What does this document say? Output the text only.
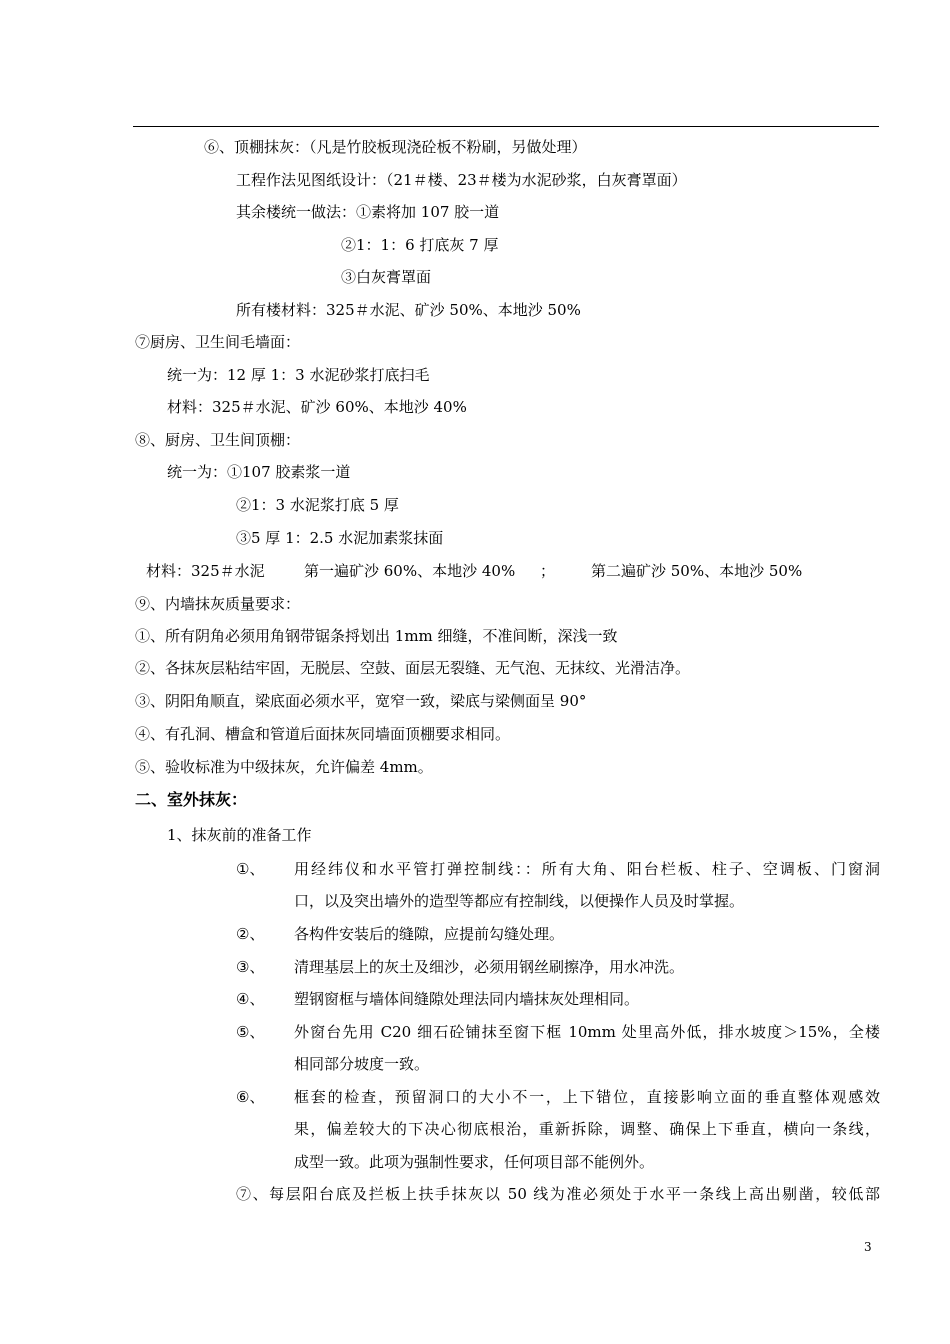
⑥、顶棚抹灰：（凡是竹胶板现浇砼板不粉刷，另做处理）
工程作法见图纸设计：（21＃楼、23＃楼为水泥砂浆，白灰膏罩面）
其余楼统一做法：①素将加 107 胶一道
②1：1：6 打底灰 7 厚
③白灰膏罩面
所有楼材料：325＃水泥、矿沙 50%、本地沙 50%
⑦厨房、卫生间毛墙面：
统一为：12 厚 1：3 水泥砂浆打底扫毛
材料：325＃水泥、矿沙 60%、本地沙 40%
⑧、厨房、卫生间顶棚：
统一为：①107 胶素浆一道
②1：3 水泥浆打底 5 厚
③5 厚 1：2.5 水泥加素浆抹面
材料：325＃水泥	第一遍矿沙 60%、本地沙 40% ； 第二遍矿沙 50%、本地沙 50%
⑨、内墙抹灰质量要求：
①、所有阴角必须用角钢带锯条捋划出 1mm 细缝，不准间断，深浅一致
②、各抹灰层粘结牢固，无脱层、空鼓、面层无裂缝、无气泡、无抹纹、光滑洁净。
③、阴阳角顺直，梁底面必须水平，宽窄一致，梁底与梁侧面呈 90°
④、有孔洞、槽盒和管道后面抹灰同墙面顶棚要求相同。
⑤、验收标准为中级抹灰，允许偏差 4mm。
二、室外抹灰：
1、抹灰前的准备工作
①、 用经纬仪和水平管打弹控制线：：所有大角、阳台栏板、柱子、空调板、门窗洞
口，以及突出墙外的造型等都应有控制线，以便操作人员及时掌握。
②、 各构件安装后的缝隙，应提前勾缝处理。
③、 清理基层上的灰土及细沙，必须用钢丝刷擦净，用水冲洗。
④、 塑钢窗框与墙体间缝隙处理法同内墙抹灰处理相同。
⑤、 外窗台先用 C20 细石砼铺抹至窗下框 10mm 处里高外低，排水坡度＞15%，全楼
相同部分坡度一致。
⑥、 框套的检查，预留洞口的大小不一，上下错位，直接影响立面的垂直整体观感效
果，偏差较大的下决心彻底根治，重新拆除，调整、确保上下垂直，横向一条线，
成型一致。此项为强制性要求，任何项目部不能例外。
⑦、每层阳台底及拦板上扶手抹灰以 50 线为准必须处于水平一条线上高出剔凿，较低部
3
